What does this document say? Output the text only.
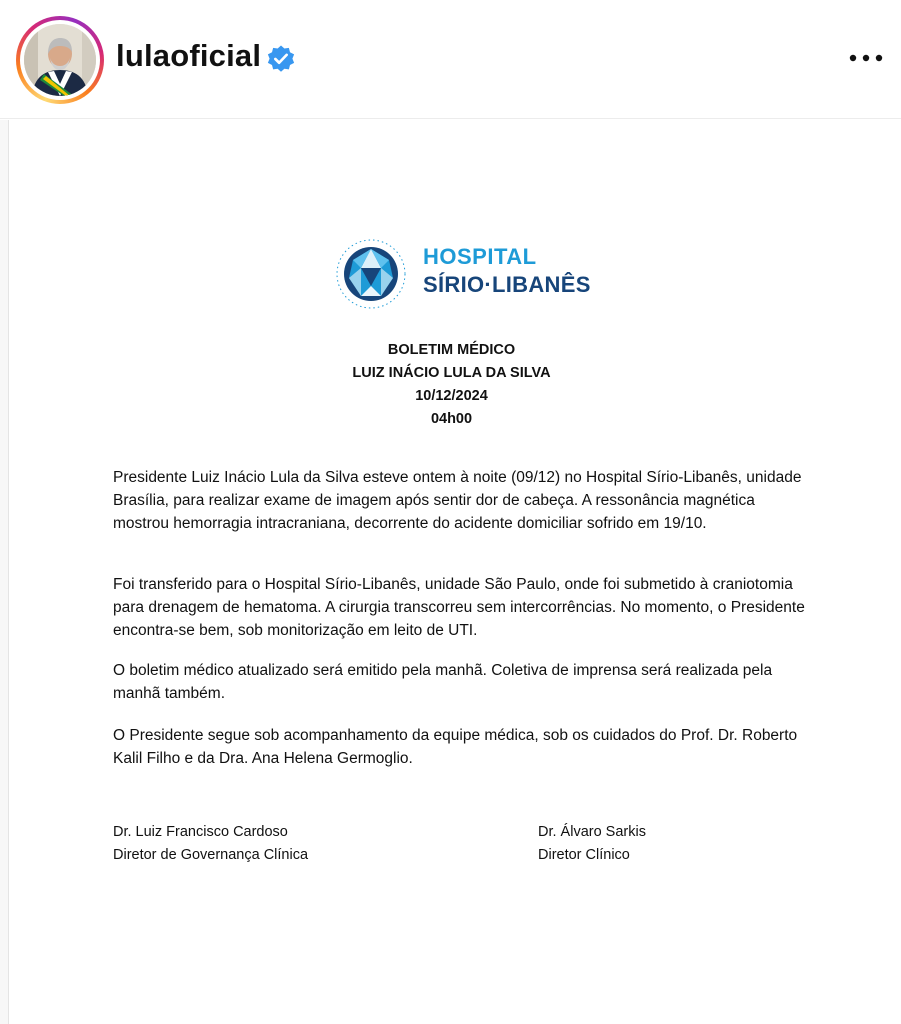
lulaoficial
HOSPITAL
SÍRIO·LIBANÊS
BOLETIM MÉDICO
LUIZ INÁCIO LULA DA SILVA
10/12/2024
04h00
Presidente Luiz Inácio Lula da Silva esteve ontem à noite (09/12) no Hospital Sírio-Libanês, unidade Brasília, para realizar exame de imagem após sentir dor de cabeça. A ressonância magnética mostrou hemorragia intracraniana, decorrente do acidente domiciliar sofrido em 19/10.
Foi transferido para o Hospital Sírio-Libanês, unidade São Paulo, onde foi submetido à craniotomia para drenagem de hematoma. A cirurgia transcorreu sem intercorrências. No momento, o Presidente encontra-se bem, sob monitorização em leito de UTI.
O boletim médico atualizado será emitido pela manhã. Coletiva de imprensa será realizada pela manhã também.
O Presidente segue sob acompanhamento da equipe médica, sob os cuidados do Prof. Dr. Roberto Kalil Filho e da Dra. Ana Helena Germoglio.
Dr. Luiz Francisco Cardoso
Diretor de Governança Clínica
Dr. Álvaro Sarkis
Diretor Clínico
